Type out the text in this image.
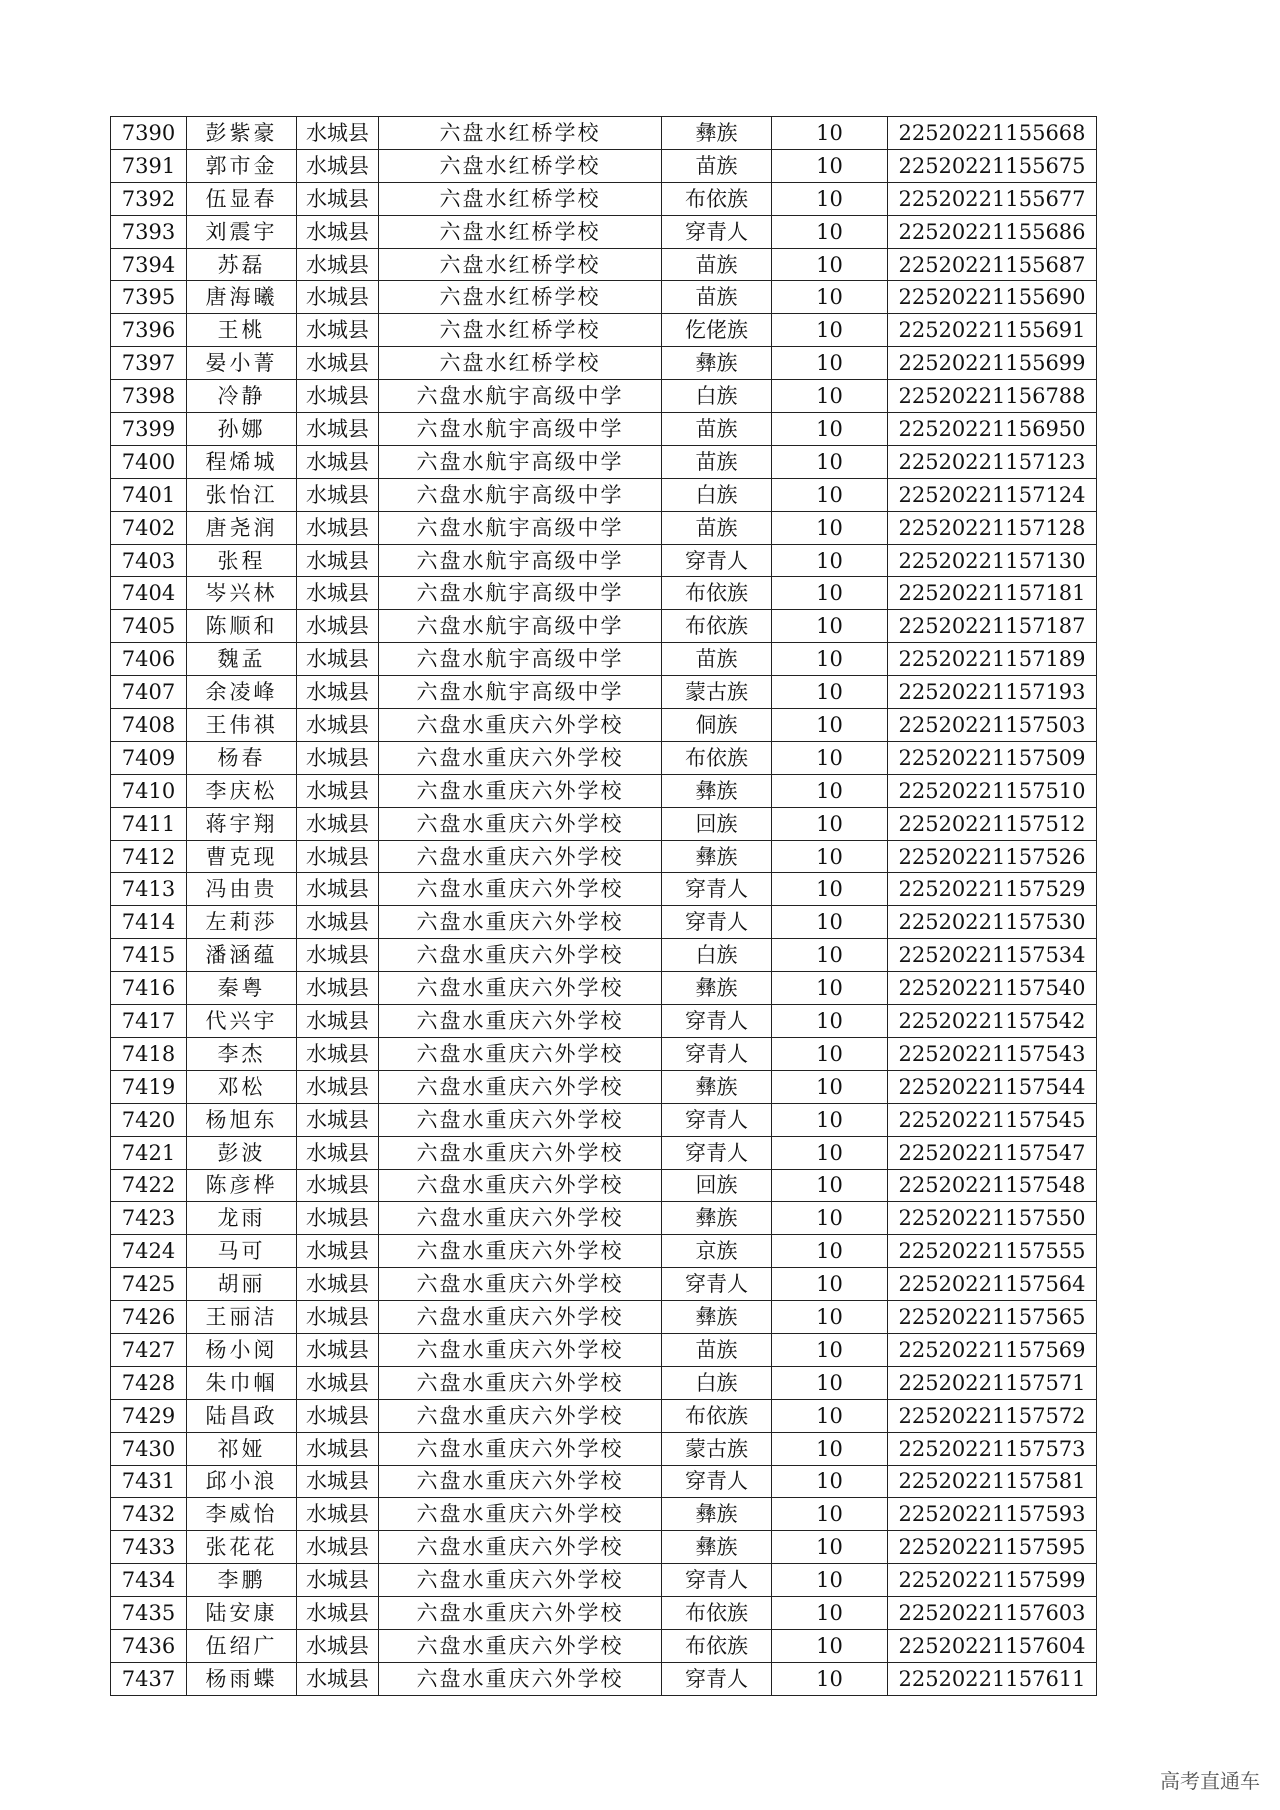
7390	彭紫豪	水城县	六盘水红桥学校	彝族	10	22520221155668
7391	郭市金	水城县	六盘水红桥学校	苗族	10	22520221155675
7392	伍显春	水城县	六盘水红桥学校	布依族	10	22520221155677
7393	刘震宇	水城县	六盘水红桥学校	穿青人	10	22520221155686
7394	苏磊	水城县	六盘水红桥学校	苗族	10	22520221155687
7395	唐海曦	水城县	六盘水红桥学校	苗族	10	22520221155690
7396	王桃	水城县	六盘水红桥学校	仡佬族	10	22520221155691
7397	晏小菁	水城县	六盘水红桥学校	彝族	10	22520221155699
7398	冷静	水城县	六盘水航宇高级中学	白族	10	22520221156788
7399	孙娜	水城县	六盘水航宇高级中学	苗族	10	22520221156950
7400	程烯城	水城县	六盘水航宇高级中学	苗族	10	22520221157123
7401	张怡江	水城县	六盘水航宇高级中学	白族	10	22520221157124
7402	唐尧润	水城县	六盘水航宇高级中学	苗族	10	22520221157128
7403	张程	水城县	六盘水航宇高级中学	穿青人	10	22520221157130
7404	岑兴林	水城县	六盘水航宇高级中学	布依族	10	22520221157181
7405	陈顺和	水城县	六盘水航宇高级中学	布依族	10	22520221157187
7406	魏孟	水城县	六盘水航宇高级中学	苗族	10	22520221157189
7407	余凌峰	水城县	六盘水航宇高级中学	蒙古族	10	22520221157193
7408	王伟祺	水城县	六盘水重庆六外学校	侗族	10	22520221157503
7409	杨春	水城县	六盘水重庆六外学校	布依族	10	22520221157509
7410	李庆松	水城县	六盘水重庆六外学校	彝族	10	22520221157510
7411	蒋宇翔	水城县	六盘水重庆六外学校	回族	10	22520221157512
7412	曹克现	水城县	六盘水重庆六外学校	彝族	10	22520221157526
7413	冯由贵	水城县	六盘水重庆六外学校	穿青人	10	22520221157529
7414	左莉莎	水城县	六盘水重庆六外学校	穿青人	10	22520221157530
7415	潘涵蕴	水城县	六盘水重庆六外学校	白族	10	22520221157534
7416	秦粤	水城县	六盘水重庆六外学校	彝族	10	22520221157540
7417	代兴宇	水城县	六盘水重庆六外学校	穿青人	10	22520221157542
7418	李杰	水城县	六盘水重庆六外学校	穿青人	10	22520221157543
7419	邓松	水城县	六盘水重庆六外学校	彝族	10	22520221157544
7420	杨旭东	水城县	六盘水重庆六外学校	穿青人	10	22520221157545
7421	彭波	水城县	六盘水重庆六外学校	穿青人	10	22520221157547
7422	陈彦桦	水城县	六盘水重庆六外学校	回族	10	22520221157548
7423	龙雨	水城县	六盘水重庆六外学校	彝族	10	22520221157550
7424	马可	水城县	六盘水重庆六外学校	京族	10	22520221157555
7425	胡丽	水城县	六盘水重庆六外学校	穿青人	10	22520221157564
7426	王丽洁	水城县	六盘水重庆六外学校	彝族	10	22520221157565
7427	杨小阅	水城县	六盘水重庆六外学校	苗族	10	22520221157569
7428	朱巾帼	水城县	六盘水重庆六外学校	白族	10	22520221157571
7429	陆昌政	水城县	六盘水重庆六外学校	布依族	10	22520221157572
7430	祁娅	水城县	六盘水重庆六外学校	蒙古族	10	22520221157573
7431	邱小浪	水城县	六盘水重庆六外学校	穿青人	10	22520221157581
7432	李威怡	水城县	六盘水重庆六外学校	彝族	10	22520221157593
7433	张花花	水城县	六盘水重庆六外学校	彝族	10	22520221157595
7434	李鹏	水城县	六盘水重庆六外学校	穿青人	10	22520221157599
7435	陆安康	水城县	六盘水重庆六外学校	布依族	10	22520221157603
7436	伍绍广	水城县	六盘水重庆六外学校	布依族	10	22520221157604
7437	杨雨蝶	水城县	六盘水重庆六外学校	穿青人	10	22520221157611

高考直通车
